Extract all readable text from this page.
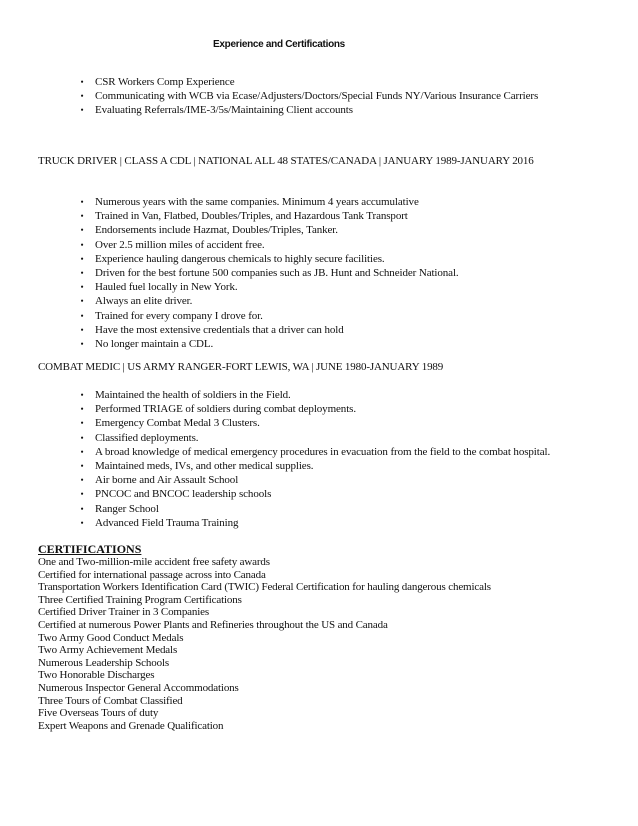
Experience and Certifications
•	CSR Workers Comp Experience
•	Communicating with WCB via Ecase/Adjusters/Doctors/Special Funds NY/Various Insurance Carriers
•	Evaluating Referrals/IME-3/5s/Maintaining Client accounts
TRUCK DRIVER | CLASS A CDL | NATIONAL ALL 48 STATES/CANADA | JANUARY 1989-JANUARY 2016
•	Numerous years with the same companies. Minimum 4 years accumulative
•	Trained in Van, Flatbed, Doubles/Triples, and Hazardous Tank Transport
•	Endorsements include Hazmat, Doubles/Triples, Tanker.
•	Over 2.5 million miles of accident free.
•	Experience hauling dangerous chemicals to highly secure facilities.
•	Driven for the best fortune 500 companies such as JB. Hunt and Schneider National.
•	Hauled fuel locally in New York.
•	Always an elite driver.
•	Trained for every company I drove for.
•	Have the most extensive credentials that a driver can hold
•	No longer maintain a CDL.
COMBAT MEDIC | US ARMY RANGER-FORT LEWIS, WA | JUNE 1980-JANUARY 1989
•	Maintained the health of soldiers in the Field.
•	Performed TRIAGE of soldiers during combat deployments.
•	Emergency Combat Medal 3 Clusters.
•	Classified deployments.
•	A broad knowledge of medical emergency procedures in evacuation from the field to the combat hospital.
•	Maintained meds, IVs, and other medical supplies.
•	Air borne and Air Assault School
•	PNCOC and BNCOC leadership schools
•	Ranger School
•	Advanced Field Trauma Training
CERTIFICATIONS
One and Two-million-mile accident free safety awards
Certified for international passage across into Canada
Transportation Workers Identification Card (TWIC) Federal Certification for hauling dangerous chemicals
Three Certified Training Program Certifications
Certified Driver Trainer in 3 Companies
Certified at numerous Power Plants and Refineries throughout the US and Canada
Two Army Good Conduct Medals
Two Army Achievement Medals
Numerous Leadership Schools
Two Honorable Discharges
Numerous Inspector General Accommodations
Three Tours of Combat Classified
Five Overseas Tours of duty
Expert Weapons and Grenade Qualification
